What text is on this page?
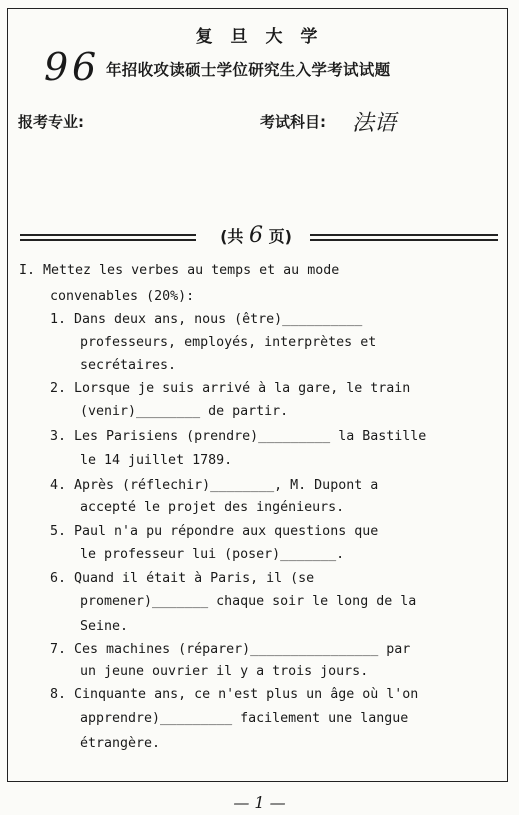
复 旦 大 学
9 6 年招收攻读硕士学位研究生入学考试试题
报考专业:	考试科目: 法语
(共 6 页)
I. Mettez les verbes au temps et au mode
convenables (20%):
1. Dans deux ans, nous (être)__________
professeurs, employés, interprètes et
secrétaires.
2. Lorsque je suis arrivé à la gare, le train
(venir)________ de partir.
3. Les Parisiens (prendre)_________ la Bastille
le 14 juillet 1789.
4. Après (réflechir)________, M. Dupont a
accepté le projet des ingénieurs.
5. Paul n'a pu répondre aux questions que
le professeur lui (poser)_______.
6. Quand il était à Paris, il (se
promener)_______ chaque soir le long de la
Seine.
7. Ces machines (réparer)________________ par
un jeune ouvrier il y a trois jours.
8. Cinquante ans, ce n'est plus un âge où l'on
apprendre)_________ facilement une langue
étrangère.
— 1 —
